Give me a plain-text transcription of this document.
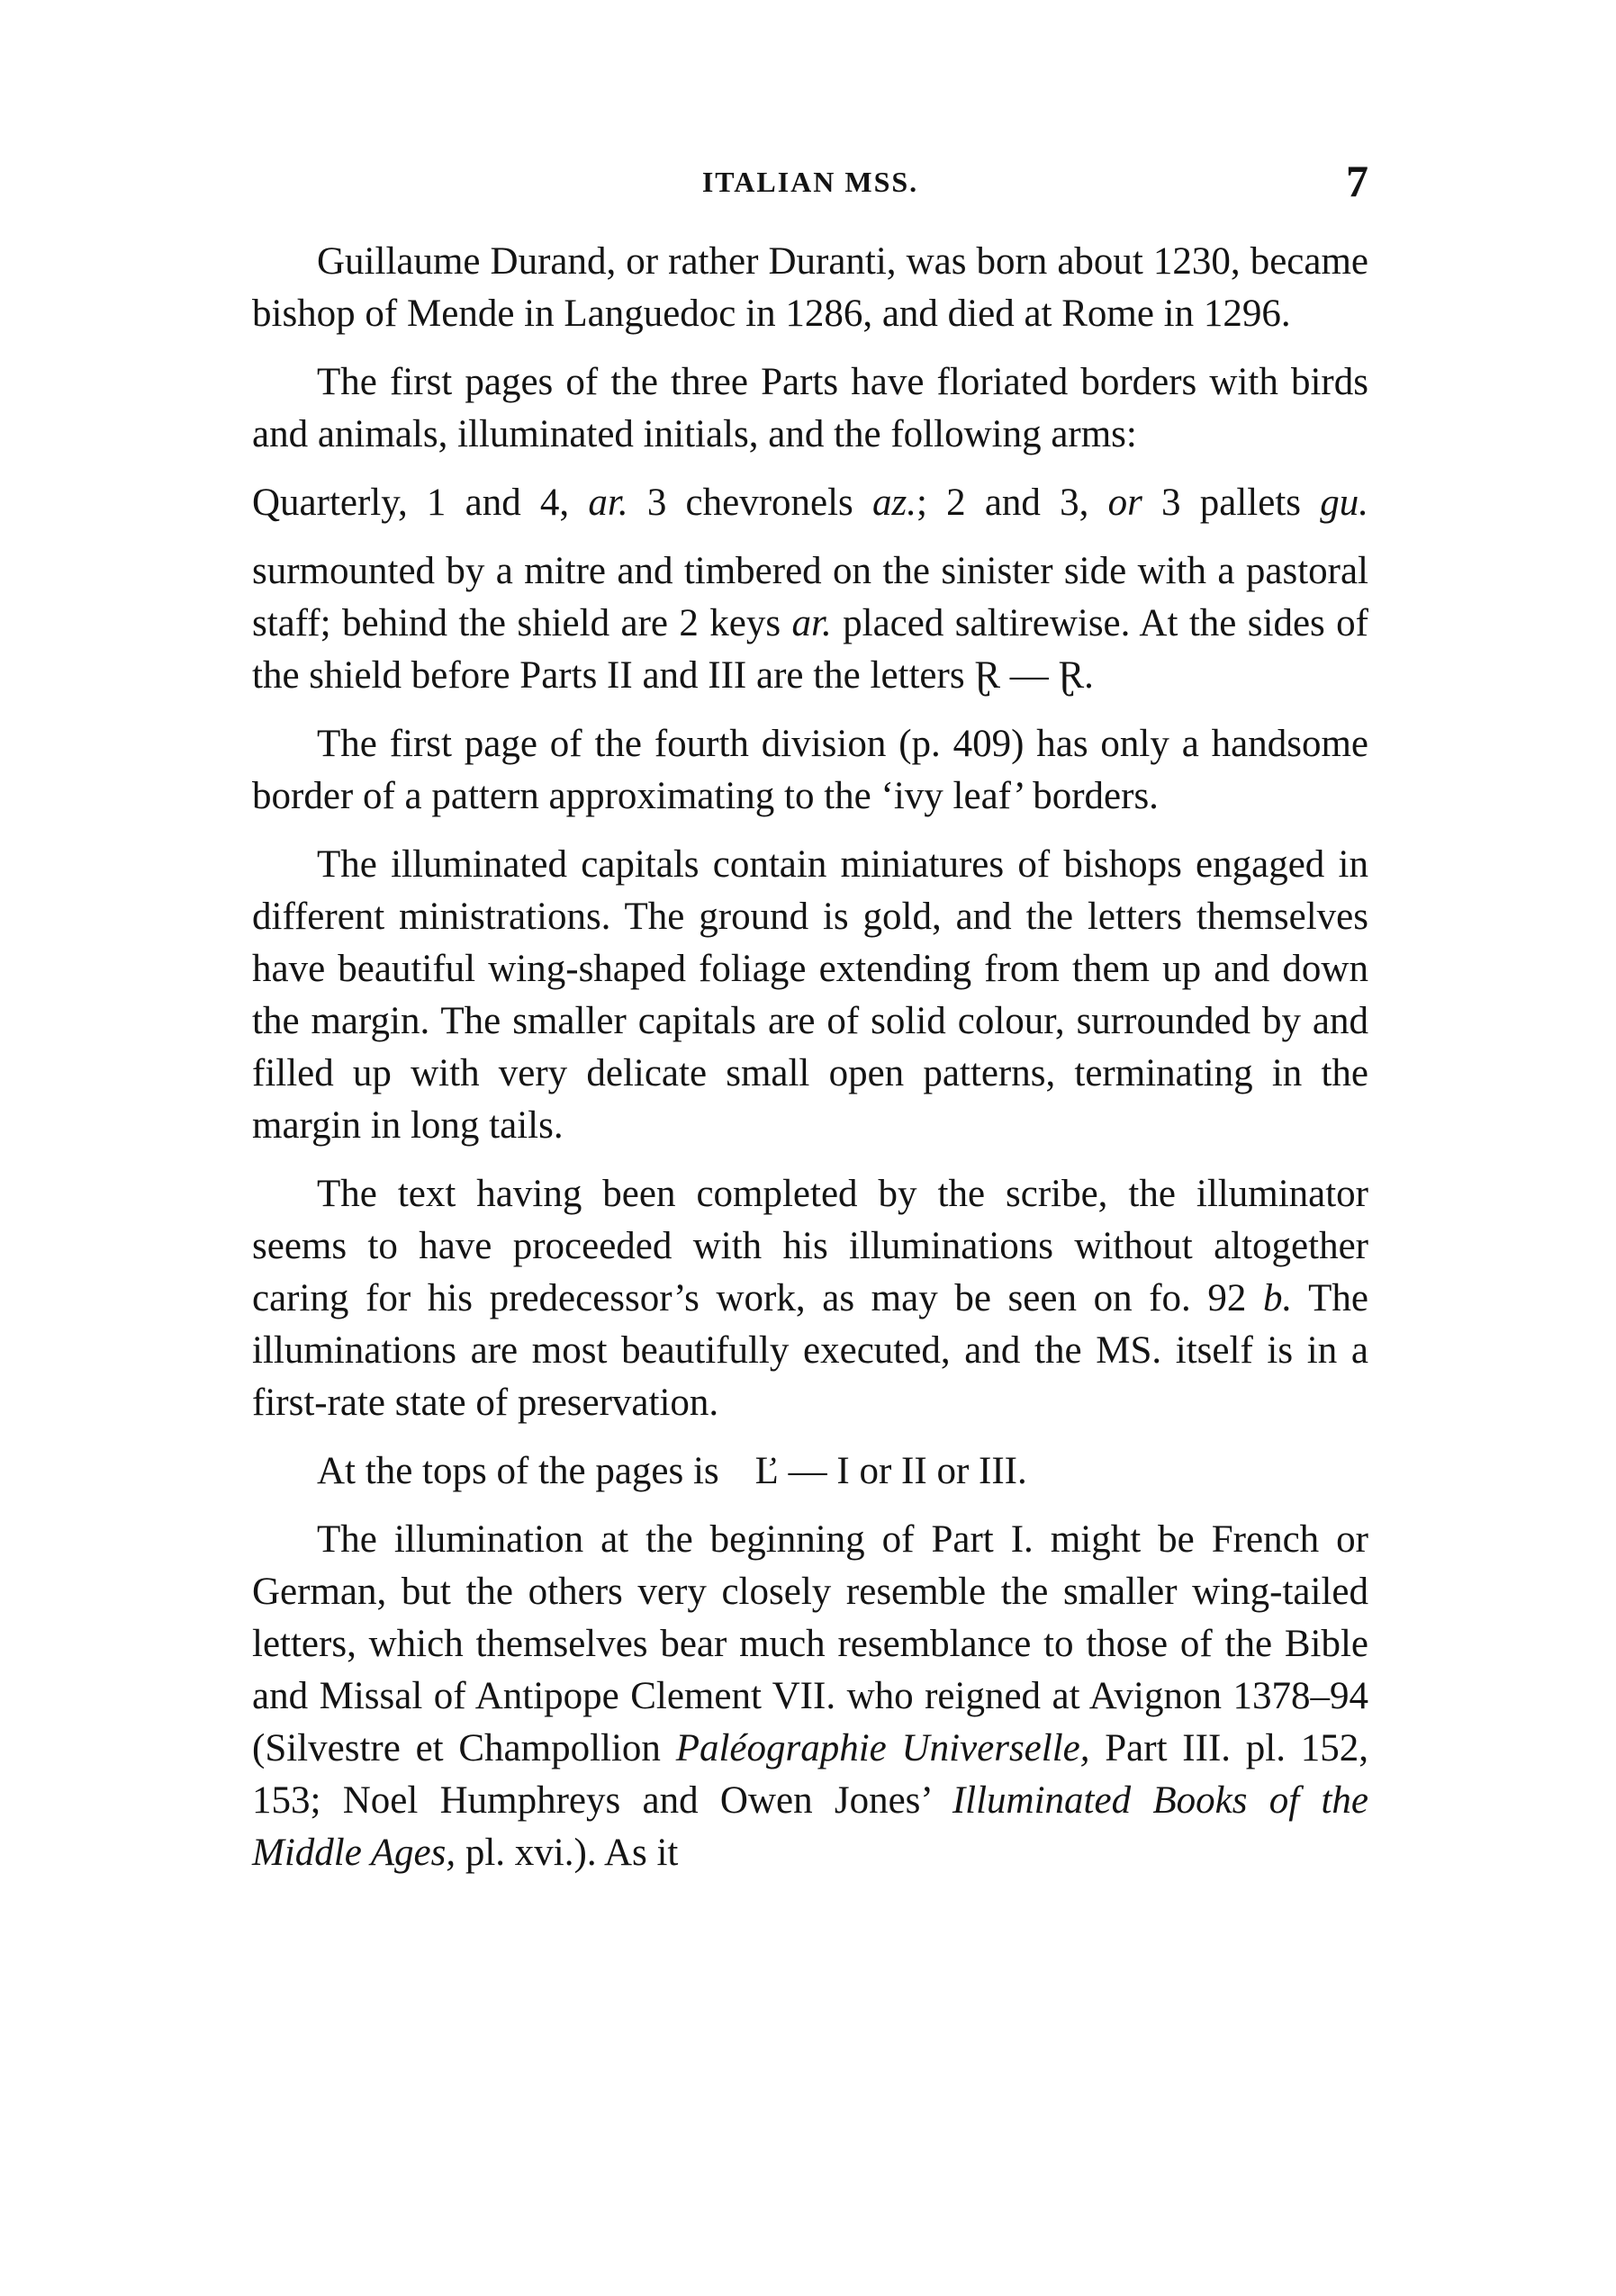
ITALIAN MSS.	7

Guillaume Durand, or rather Duranti, was born about 1230, became bishop of Mende in Languedoc in 1286, and died at Rome in 1296.

The first pages of the three Parts have floriated borders with birds and animals, illuminated initials, and the following arms:

Quarterly, 1 and 4, ar. 3 chevronels az.; 2 and 3, or 3 pallets gu.

surmounted by a mitre and timbered on the sinister side with a pastoral staff; behind the shield are 2 keys ar. placed saltirewise. At the sides of the shield before Parts II and III are the letters Ɽ — Ɽ.

The first page of the fourth division (p. 409) has only a handsome border of a pattern approximating to the ‘ivy leaf’ borders.

The illuminated capitals contain miniatures of bishops engaged in different ministrations. The ground is gold, and the letters themselves have beautiful wing-shaped foliage extending from them up and down the margin. The smaller capitals are of solid colour, surrounded by and filled up with very delicate small open patterns, terminating in the margin in long tails.

The text having been completed by the scribe, the illuminator seems to have proceeded with his illuminations without altogether caring for his predecessor’s work, as may be seen on fo. 92 b. The illuminations are most beautifully executed, and the MS. itself is in a first-rate state of preservation.

At the tops of the pages is Ľ — I or II or III.

The illumination at the beginning of Part I. might be French or German, but the others very closely resemble the smaller wing-tailed letters, which themselves bear much resemblance to those of the Bible and Missal of Antipope Clement VII. who reigned at Avignon 1378–94 (Silvestre et Champollion Paléographie Universelle, Part III. pl. 152, 153; Noel Humphreys and Owen Jones’ Illuminated Books of the Middle Ages, pl. xvi.). As it
